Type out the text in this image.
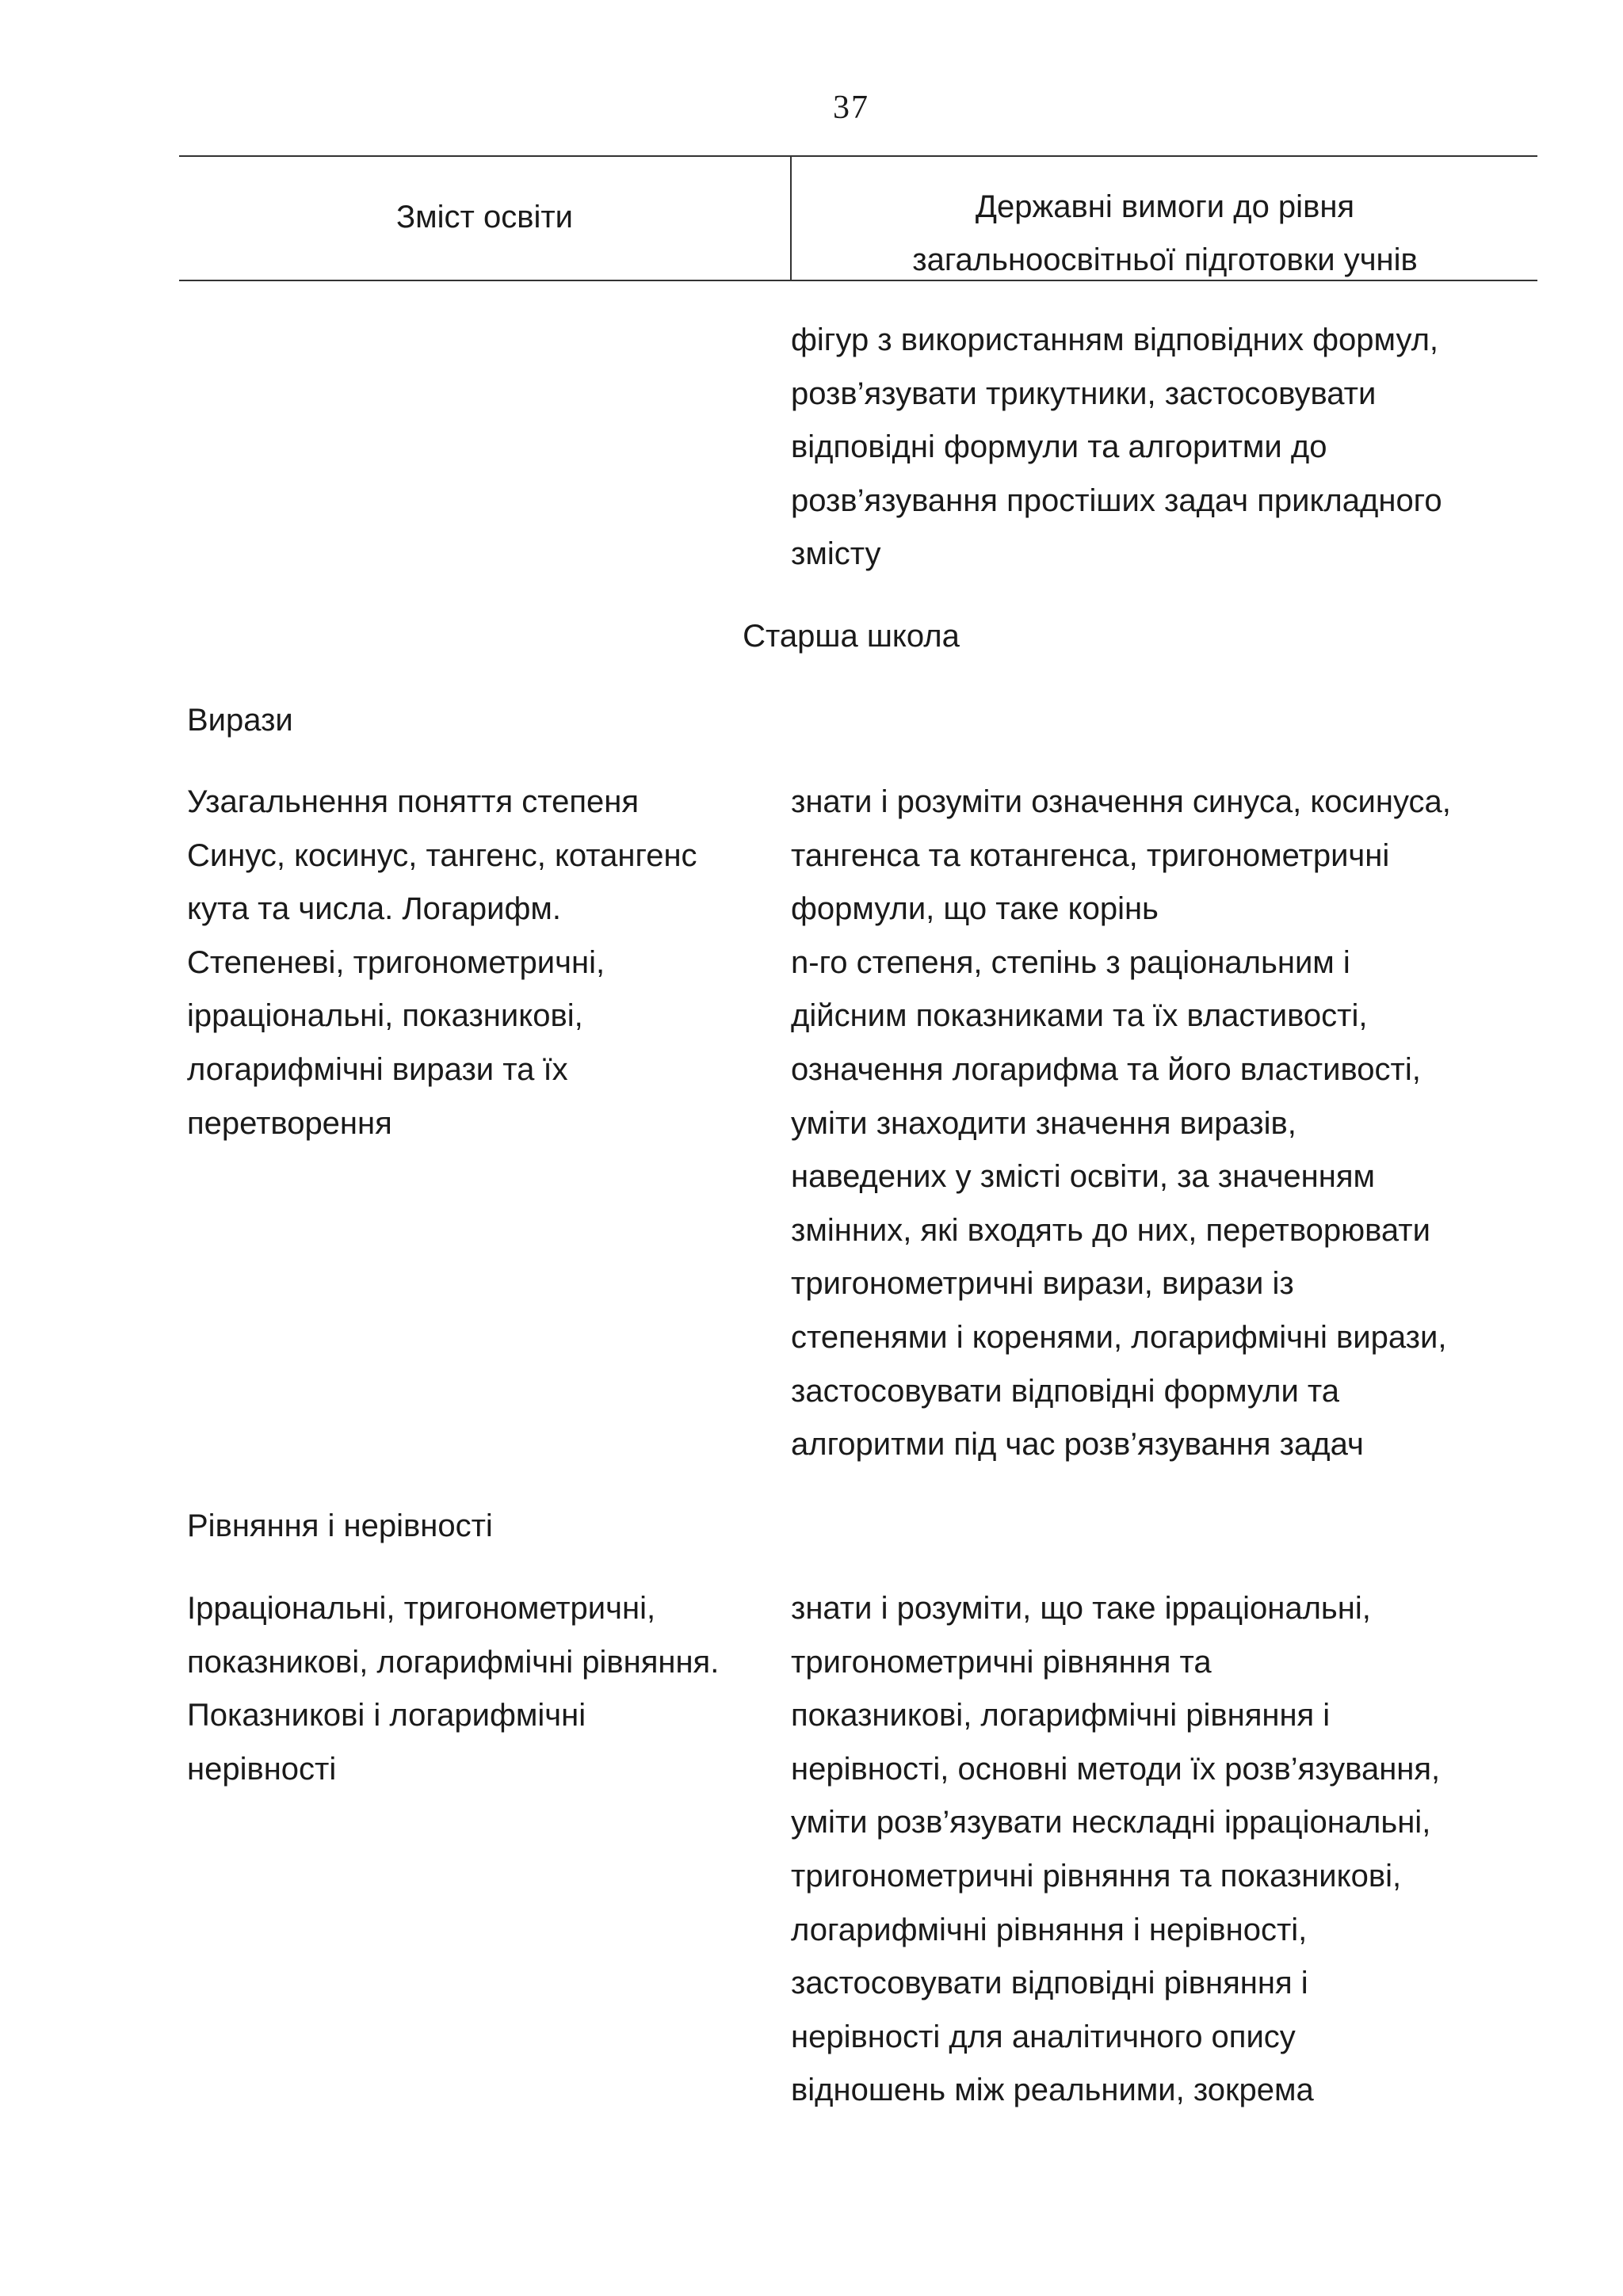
37
Зміст освіти	Державні вимоги до рівня
загальноосвітньої підготовки учнів
фігур з використанням відповідних формул,
розв’язувати трикутники, застосовувати
відповідні формули та алгоритми до
розв’язування простіших задач прикладного
змісту
Старша школа
Вирази
Узагальнення поняття степеня
Синус, косинус, тангенс, котангенс
кута та числа. Логарифм.
Степеневі, тригонометричні,
ірраціональні, показникові,
логарифмічні вирази та їх
перетворення
знати і розуміти означення синуса, косинуса,
тангенса та котангенса, тригонометричні
формули, що таке корінь
n-го степеня, степінь з раціональним і
дійсним показниками та їх властивості,
означення логарифма та його властивості,
уміти знаходити значення виразів,
наведених у змісті освіти, за значенням
змінних, які входять до них, перетворювати
тригонометричні вирази, вирази із
степенями і коренями, логарифмічні вирази,
застосовувати відповідні формули та
алгоритми під час розв’язування задач
Рівняння і нерівності
Ірраціональні, тригонометричні,
показникові, логарифмічні рівняння.
Показникові і логарифмічні
нерівності
знати і розуміти, що таке ірраціональні,
тригонометричні рівняння та
показникові, логарифмічні рівняння і
нерівності, основні методи їх розв’язування,
уміти розв’язувати нескладні ірраціональні,
тригонометричні рівняння та показникові,
логарифмічні рівняння і нерівності,
застосовувати відповідні рівняння і
нерівності для аналітичного опису
відношень між реальними, зокрема
